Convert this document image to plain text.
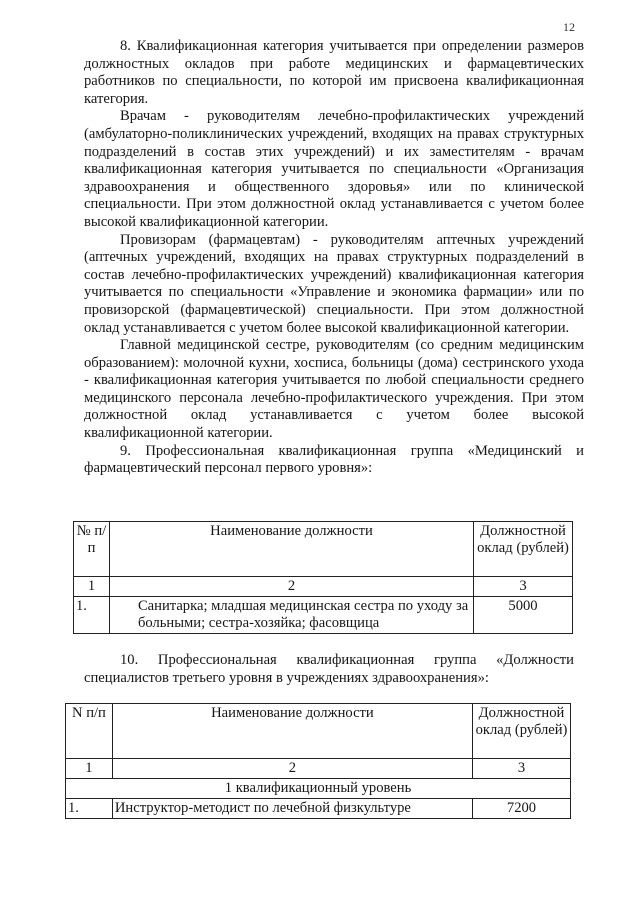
12

8. Квалификационная категория учитывается при определении размеров должностных окладов при работе медицинских и фармацевтических работников по специальности, по которой им присвоена квалификационная категория.

Врачам - руководителям лечебно-профилактических учреждений (амбулаторно-поликлинических учреждений, входящих на правах структурных подразделений в состав этих учреждений) и их заместителям - врачам квалификационная категория учитывается по специальности «Организация здравоохранения и общественного здоровья» или по клинической специальности. При этом должностной оклад устанавливается с учетом более высокой квалификационной категории.

Провизорам (фармацевтам) - руководителям аптечных учреждений (аптечных учреждений, входящих на правах структурных подразделений в состав лечебно-профилактических учреждений) квалификационная категория учитывается по специальности «Управление и экономика фармации» или по провизорской (фармацевтической) специальности. При этом должностной оклад устанавливается с учетом более высокой квалификационной категории.

Главной медицинской сестре, руководителям (со средним медицинским образованием): молочной кухни, хосписа, больницы (дома) сестринского ухода - квалификационная категория учитывается по любой специальности среднего медицинского персонала лечебно-профилактического учреждения. При этом должностной оклад устанавливается с учетом более высокой квалификационной категории.

9. Профессиональная квалификационная группа «Медицинский и фармацевтический персонал первого уровня»:

№ п/п	Наименование должности	Должностной оклад (рублей)
1	2	3
1.	Санитарка; младшая медицинская сестра по уходу за больными; сестра-хозяйка; фасовщица	5000

10. Профессиональная квалификационная группа «Должности специалистов третьего уровня в учреждениях здравоохранения»:

N п/п	Наименование должности	Должностной оклад (рублей)
1	2	3
1 квалификационный уровень		
1.	Инструктор-методист по лечебной физкультуре	7200
